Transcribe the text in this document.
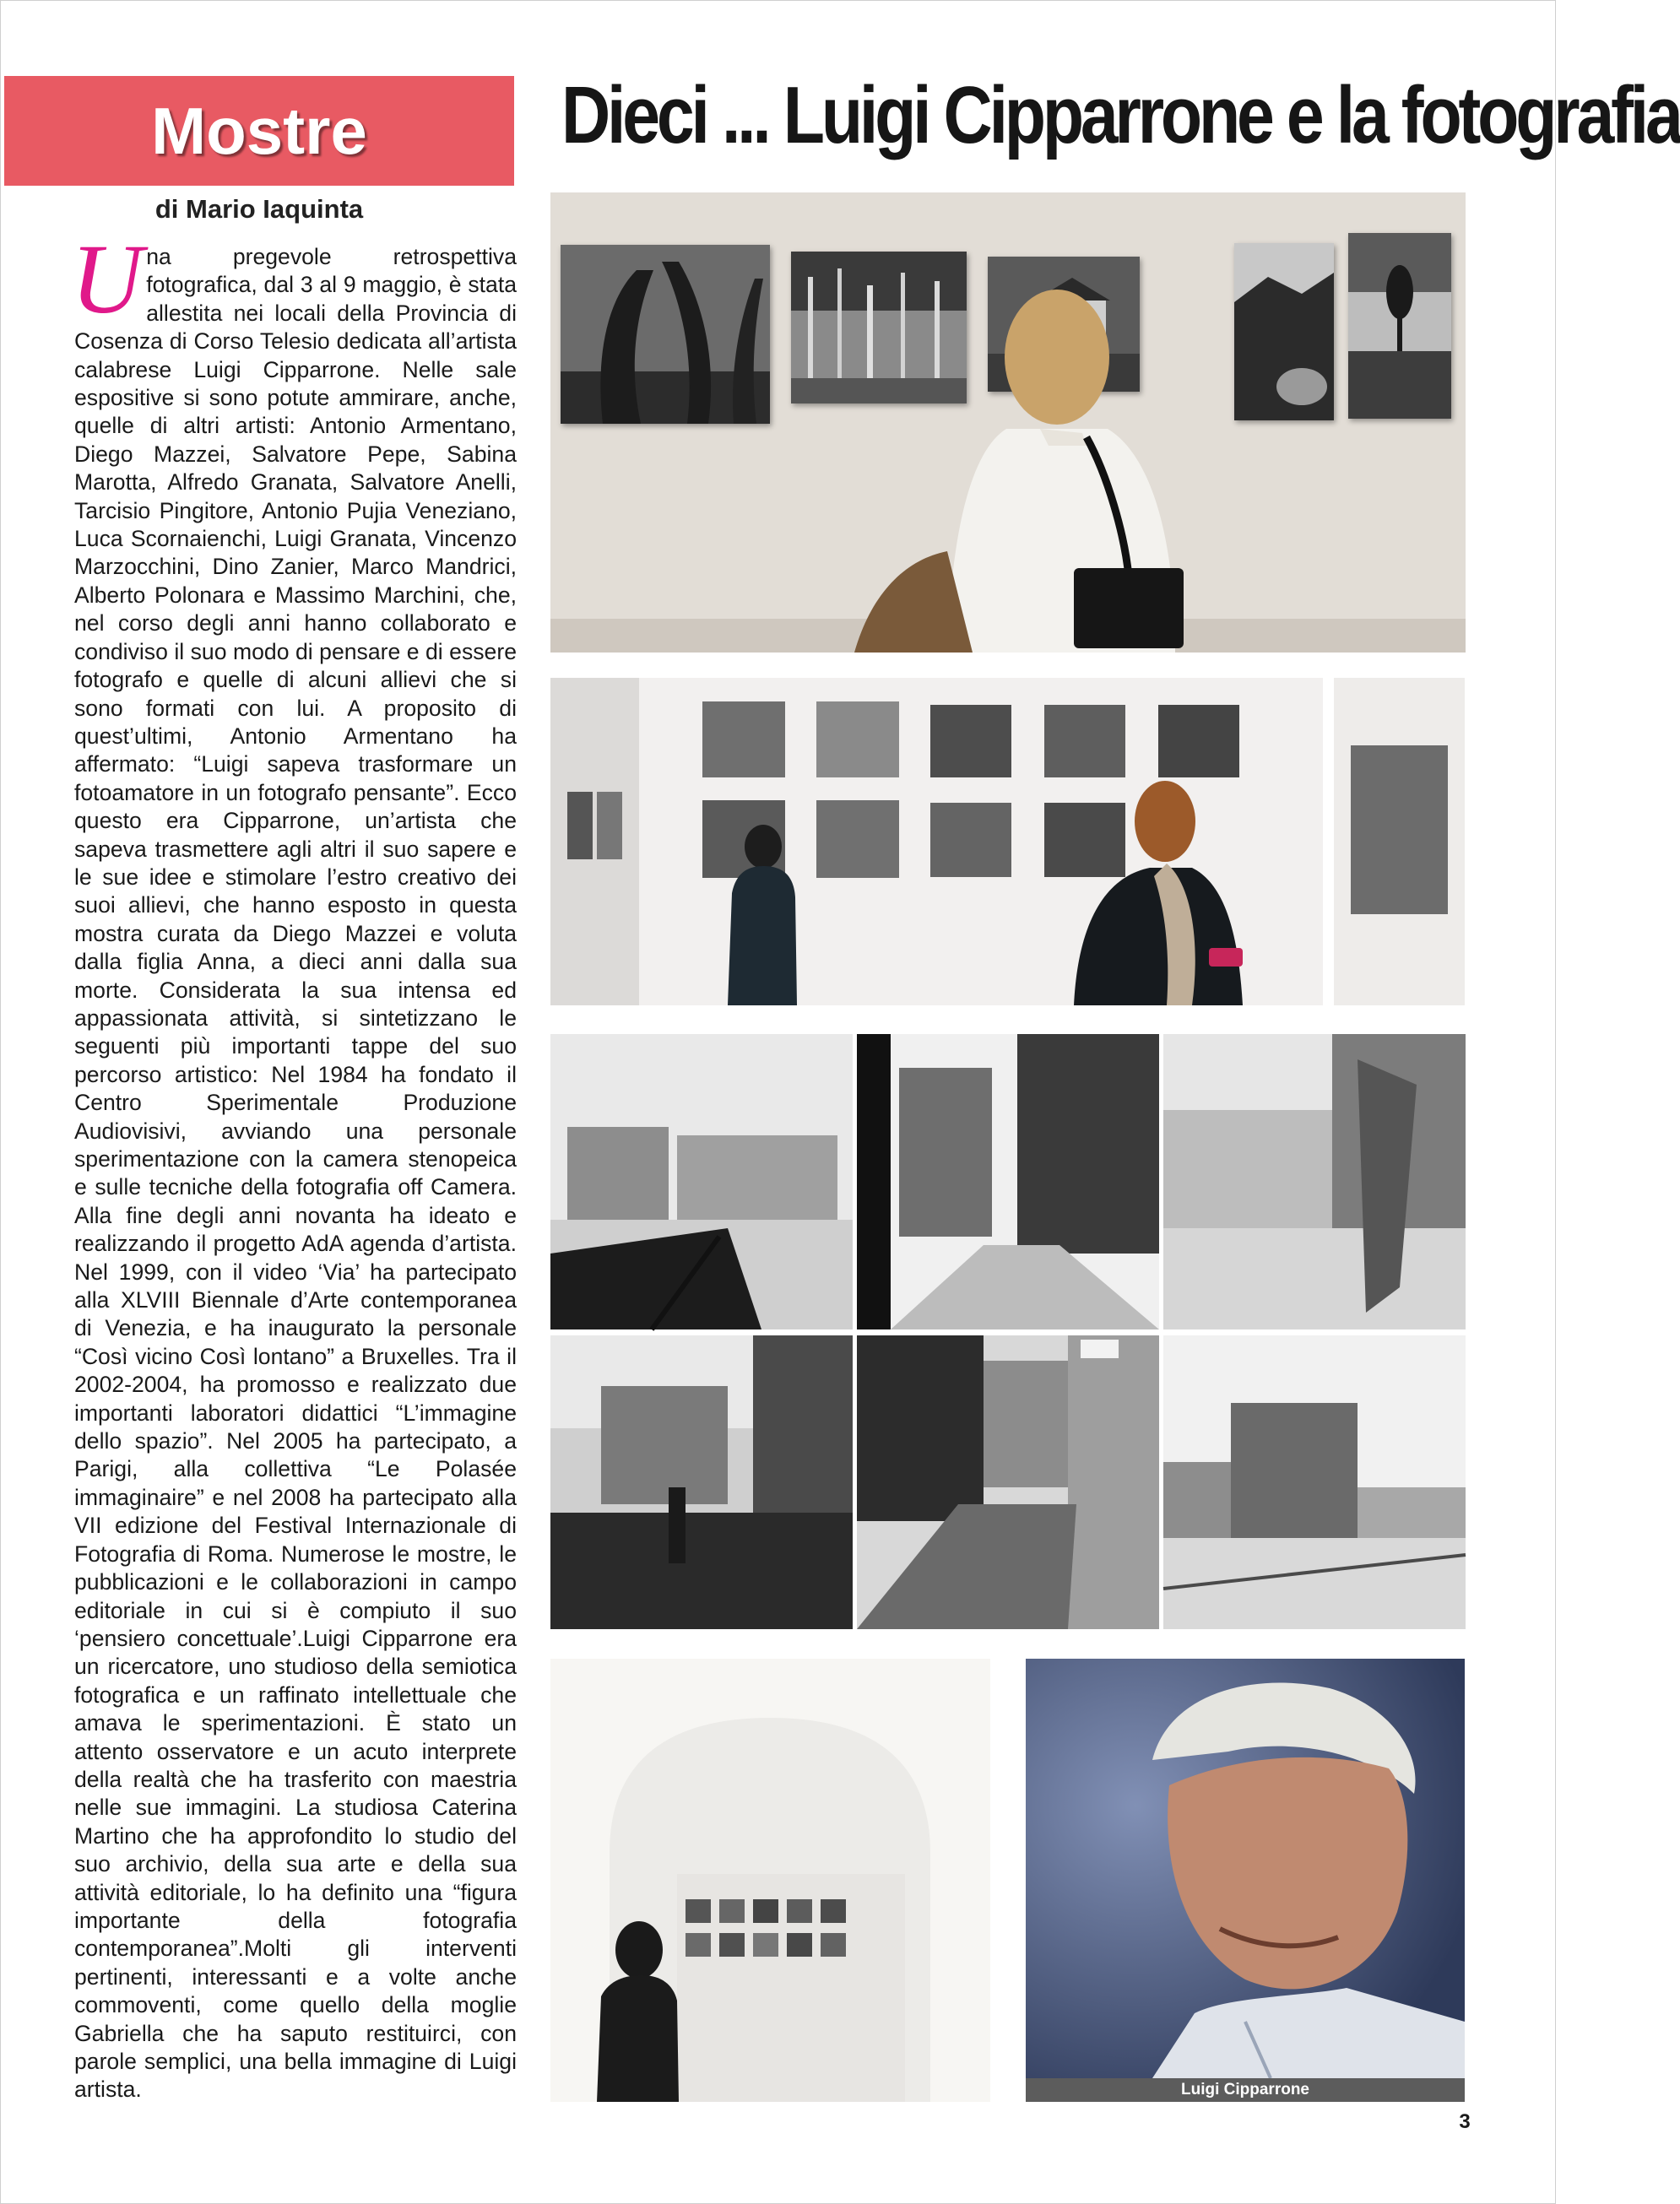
Mostre
di Mario Iaquinta
Dieci ... Luigi Cipparrone e la fotografia
Una pregevole retrospettiva fotografica, dal 3 al 9 maggio, è stata allestita nei locali della Provincia di Cosenza di Corso Telesio dedicata all’artista calabrese Luigi Cipparrone. Nelle sale espositive si sono potute ammirare, anche, quelle di altri artisti: Antonio Armentano, Diego Mazzei, Salvatore Pepe, Sabina Marotta, Alfredo Granata, Salvatore Anelli, Tarcisio Pingitore, Antonio Pujia Veneziano, Luca Scornaienchi, Luigi Granata, Vincenzo Marzocchini, Dino Zanier, Marco Mandrici, Alberto Polonara e Massimo Marchini, che, nel corso degli anni hanno collaborato e condiviso il suo modo di pensare e di essere fotografo e quelle di alcuni allievi che si sono formati con lui. A proposito di quest’ultimi, Antonio Armentano ha affermato: “Luigi sapeva trasformare un fotoamatore in un fotografo pensante”. Ecco questo era Cipparrone, un’artista che sapeva trasmettere agli altri il suo sapere e le sue idee e stimolare l’estro creativo dei suoi allievi, che hanno esposto in questa mostra curata da Diego Mazzei e voluta dalla figlia Anna, a dieci anni dalla sua morte. Considerata la sua intensa ed appassionata attività, si sintetizzano le seguenti più importanti tappe del suo percorso artistico: Nel 1984 ha fondato il Centro Sperimentale Produzione Audiovisivi, avviando una personale sperimentazione con la camera stenopeica e sulle tecniche della fotografia off Camera. Alla fine degli anni novanta ha ideato e realizzando il progetto AdA agenda d’artista. Nel 1999, con il video ‘Via’ ha partecipato alla XLVIII Biennale d’Arte contemporanea di Venezia, e ha inaugurato la personale “Così vicino Così lontano” a Bruxelles. Tra il 2002-2004, ha promosso e realizzato due importanti laboratori didattici “L’immagine dello spazio”. Nel 2005 ha partecipato, a Parigi, alla collettiva “Le Polasée immaginaire” e nel 2008 ha partecipato alla VII edizione del Festival Internazionale di Fotografia di Roma. Numerose le mostre, le pubblicazioni e le collaborazioni in campo editoriale in cui si è compiuto il suo ‘pensiero concettuale’.Luigi Cipparrone era un ricercatore, uno studioso della semiotica fotografica e un raffinato intellettuale che amava le sperimentazioni. È stato un attento osservatore e un acuto interprete della realtà che ha trasferito con maestria nelle sue immagini. La studiosa Caterina Martino che ha approfondito lo studio del suo archivio, della sua arte e della sua attività editoriale, lo ha definito una “figura importante della fotografia contemporanea”.Molti gli interventi pertinenti, interessanti e a volte anche commoventi, come quello della moglie Gabriella che ha saputo restituirci, con parole semplici, una bella immagine di Luigi artista.	Luigi Cipparrone
3
